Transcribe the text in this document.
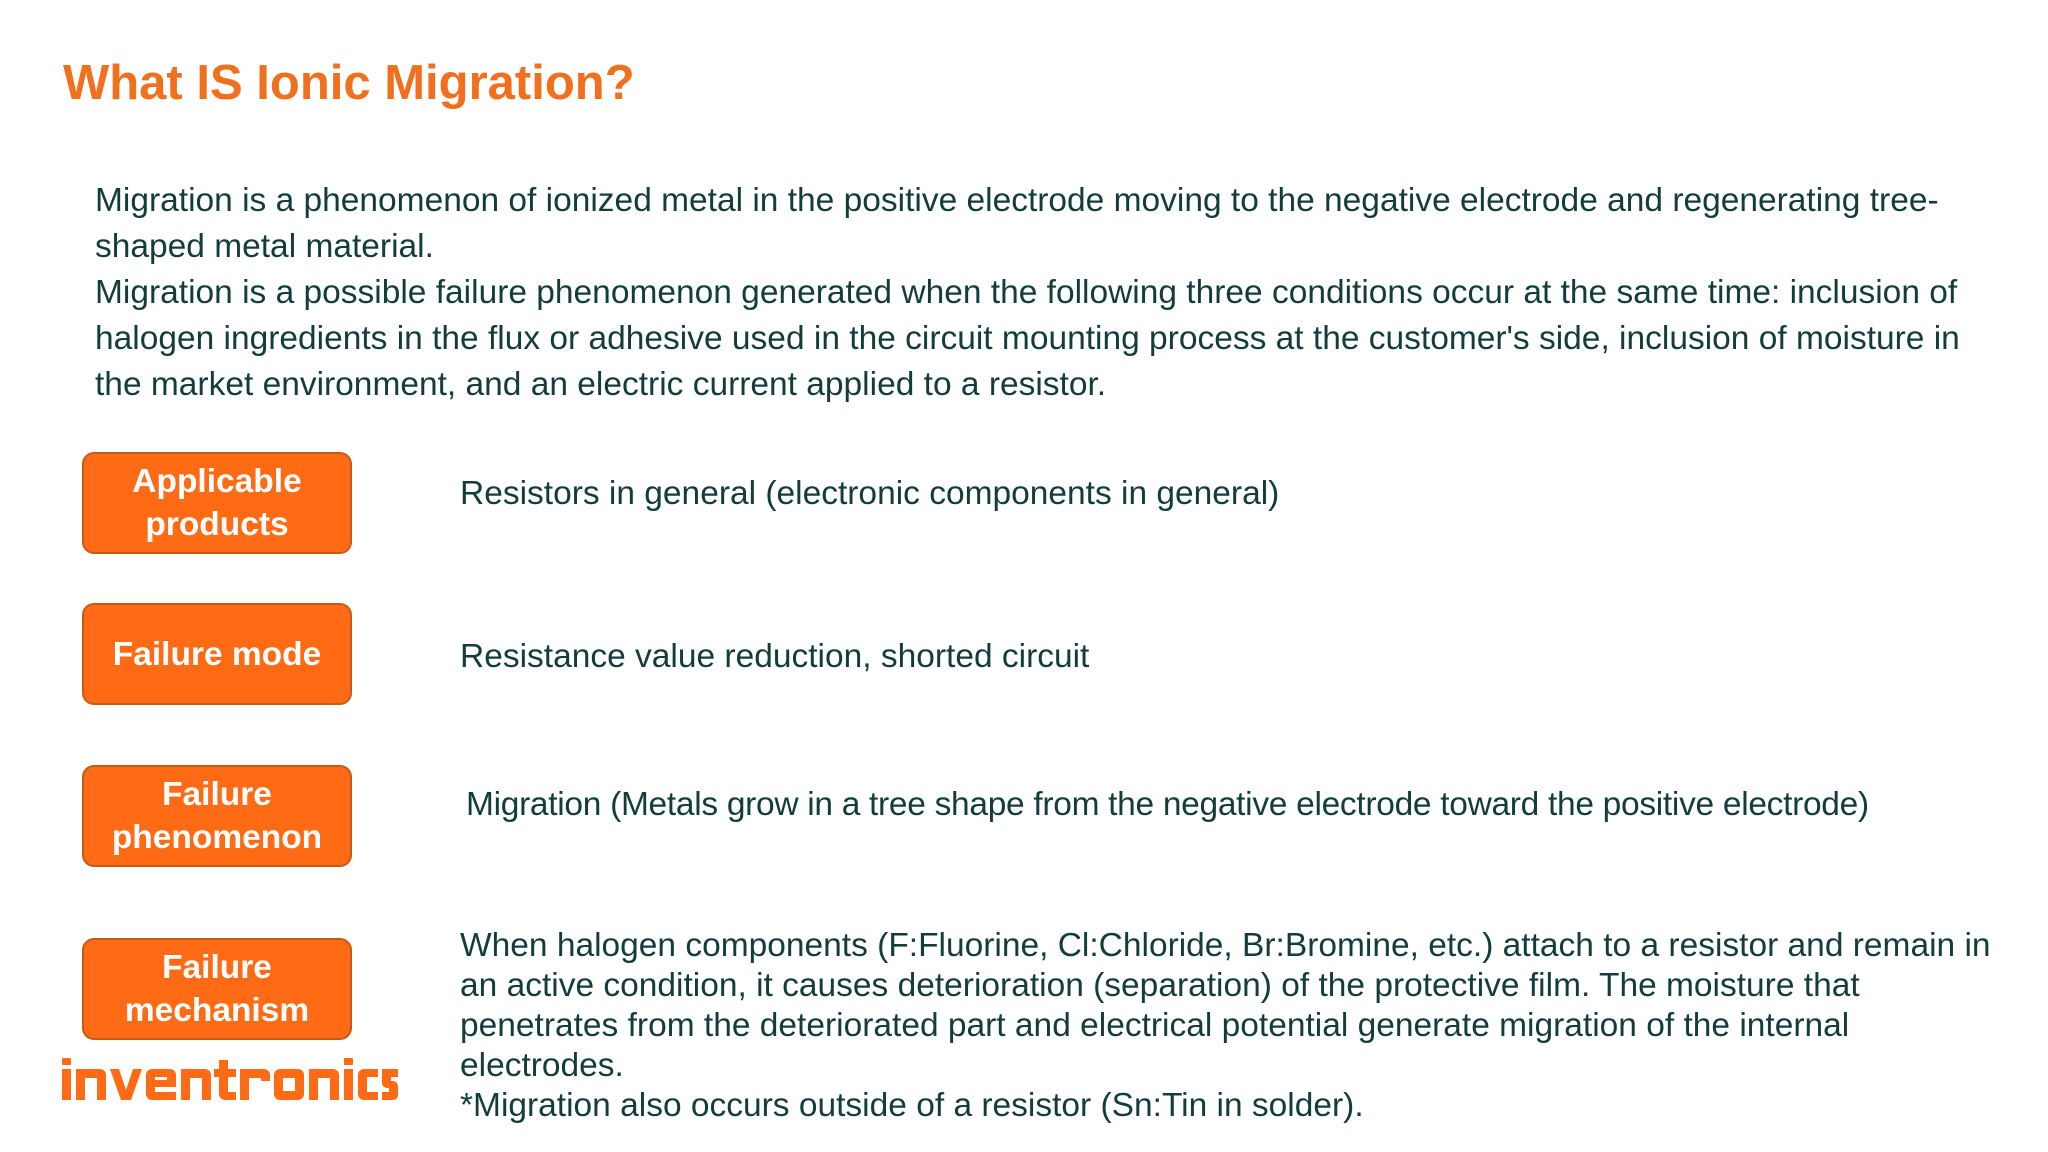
What IS Ionic Migration?

Migration is a phenomenon of ionized metal in the positive electrode moving to the negative electrode and regenerating tree-shaped metal material.

Migration is a possible failure phenomenon generated when the following three conditions occur at the same time: inclusion of halogen ingredients in the flux or adhesive used in the circuit mounting process at the customer's side, inclusion of moisture in the market environment, and an electric current applied to a resistor.

Applicable products
Resistors in general (electronic components in general)
Failure mode	Resistance value reduction, shorted circuit
Failure phenomenon
Migration (Metals grow in a tree shape from the negative electrode toward the positive electrode)
Failure mechanism
When halogen components (F:Fluorine, Cl:Chloride, Br:Bromine, etc.) attach to a resistor and remain in an active condition, it causes deterioration (separation) of the protective film. The moisture that penetrates from the deteriorated part and electrical potential generate migration of the internal electrodes.
*Migration also occurs outside of a resistor (Sn:Tin in solder).
